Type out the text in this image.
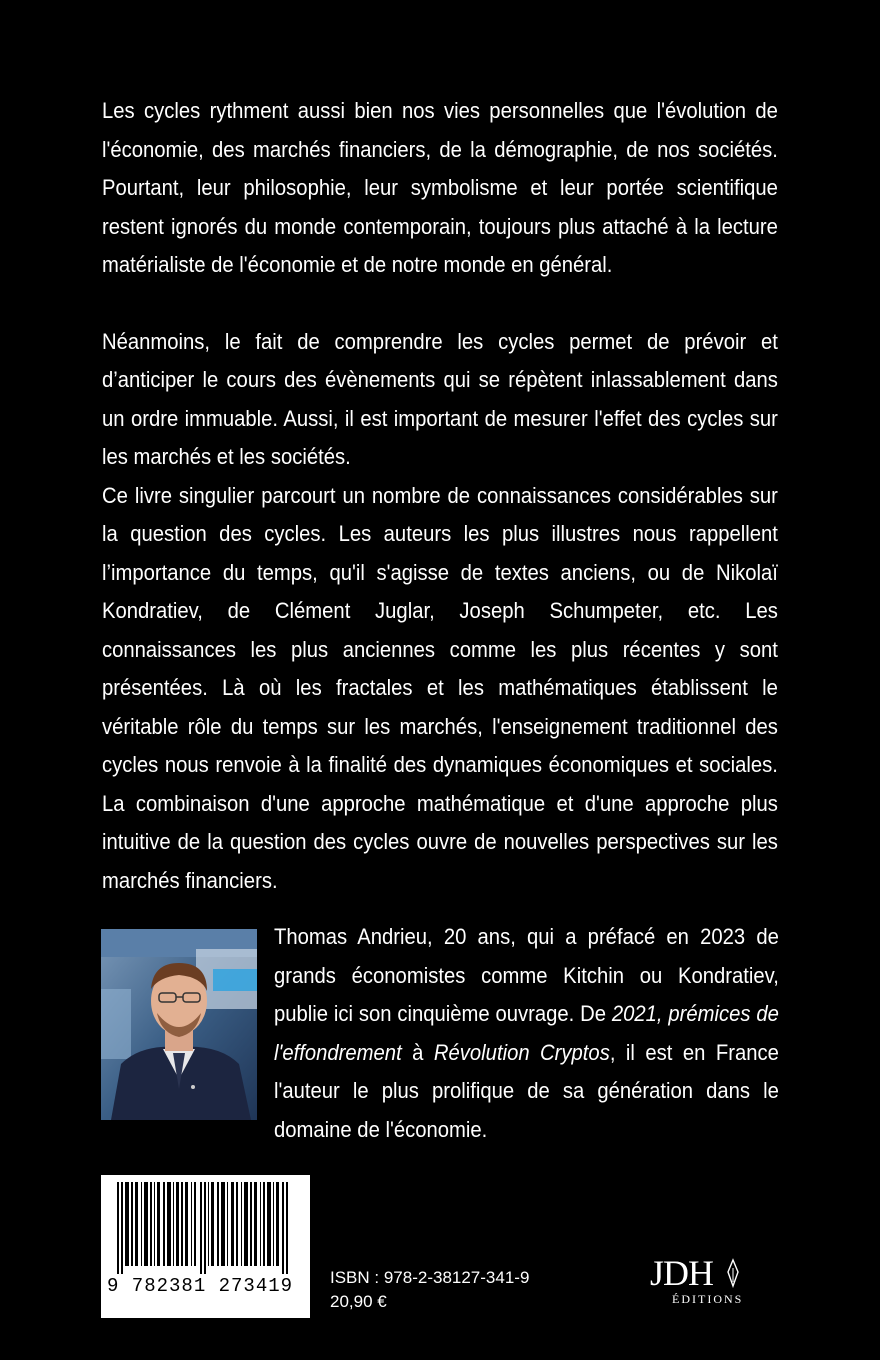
Les cycles rythment aussi bien nos vies personnelles que l'évolution de l'économie, des marchés financiers, de la démographie, de nos sociétés. Pourtant, leur philosophie, leur symbolisme et leur portée scientifique restent ignorés du monde contemporain, toujours plus attaché à la lecture matérialiste de l'économie et de notre monde en général.

Néanmoins, le fait de comprendre les cycles permet de prévoir et d’anticiper le cours des évènements qui se répètent inlassablement dans un ordre immuable. Aussi, il est important de mesurer l'effet des cycles sur les marchés et les sociétés.

Ce livre singulier parcourt un nombre de connaissances considérables sur la question des cycles. Les auteurs les plus illustres nous rappellent l’importance du temps, qu'il s'agisse de textes anciens, ou de Nikolaï Kondratiev, de Clément Juglar, Joseph Schumpeter, etc. Les connaissances les plus anciennes comme les plus récentes y sont présentées. Là où les fractales et les mathématiques établissent le véritable rôle du temps sur les marchés, l'enseignement traditionnel des cycles nous renvoie à la finalité des dynamiques économiques et sociales. La combinaison d'une approche mathématique et d'une approche plus intuitive de la question des cycles ouvre de nouvelles perspectives sur les marchés financiers.

Thomas Andrieu, 20 ans, qui a préfacé en 2023 de grands économistes comme Kitchin ou Kondratiev, publie ici son cinquième ouvrage. De 2021, prémices de l'effondrement à Révolution Cryptos, il est en France l'auteur le plus prolifique de sa génération dans le domaine de l'économie.
9 782381 273419	ISBN : 978-2-38127-341-9
20,90 €
JDH
ÉDITIONS
